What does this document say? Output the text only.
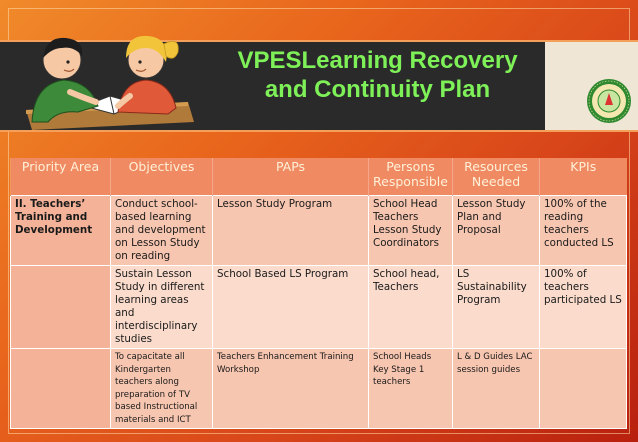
VPESLearning Recovery
and Continuity Plan
Priority Area	Objectives	PAPs	Persons Responsible	Resources Needed	KPIs
II. Teachers’ Training and Development	Conduct school-based learning and development on Lesson Study on reading	Lesson Study Program	School Head Teachers Lesson Study Coordinators	Lesson Study Plan and Proposal	100% of the reading teachers conducted LS
	Sustain Lesson Study in different learning areas and interdisciplinary studies	School Based LS Program	School head, Teachers	LS Sustainability Program	100% of teachers participated LS
	To capacitate all Kindergarten teachers along preparation of TV based Instructional materials and ICT	Teachers Enhancement Training Workshop	School Heads Key Stage 1 teachers	L & D Guides LAC session guides	
